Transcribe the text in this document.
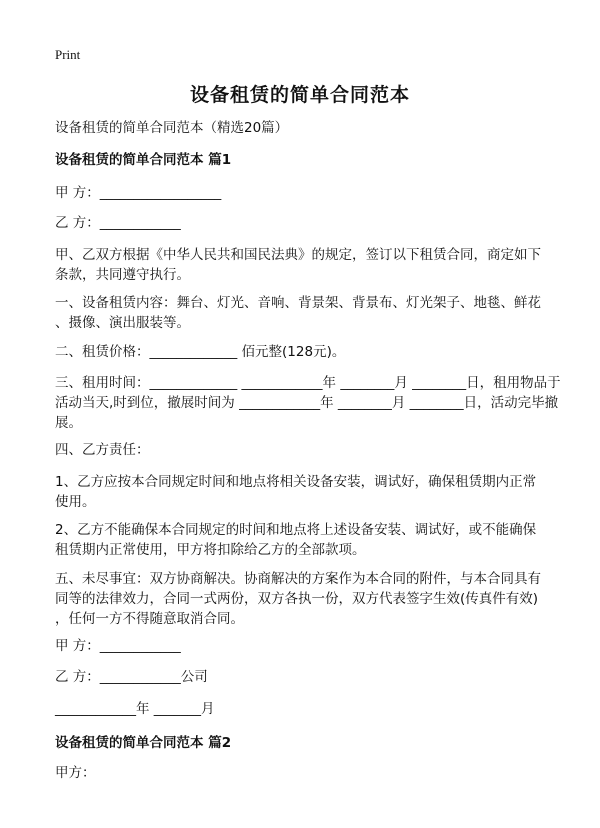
Print
设备租赁的简单合同范本
设备租赁的简单合同范本（精选20篇）
设备租赁的简单合同范本 篇1
甲 方：__________________
乙 方：____________
甲、乙双方根据《中华人民共和国民法典》的规定，签订以下租赁合同，商定如下
条款，共同遵守执行。
一、设备租赁内容：舞台、灯光、音响、背景架、背景布、灯光架子、地毯、鲜花
、摄像、演出服装等。
二、租赁价格：_____________ 佰元整(128元)。
三、租用时间：_____________ ____________年 ________月 ________日，租用物品于
活动当天,时到位，撤展时间为 ____________年 ________月 ________日，活动完毕撤
展。
四、乙方责任：
1、乙方应按本合同规定时间和地点将相关设备安装，调试好，确保租赁期内正常
使用。
2、乙方不能确保本合同规定的时间和地点将上述设备安装、调试好，或不能确保
租赁期内正常使用，甲方将扣除给乙方的全部款项。
五、未尽事宜：双方协商解决。协商解决的方案作为本合同的附件，与本合同具有
同等的法律效力，合同一式两份，双方各执一份，双方代表签字生效(传真件有效)
，任何一方不得随意取消合同。
甲 方：____________
乙 方：____________公司
____________年 _______月
设备租赁的简单合同范本 篇2
甲方：
